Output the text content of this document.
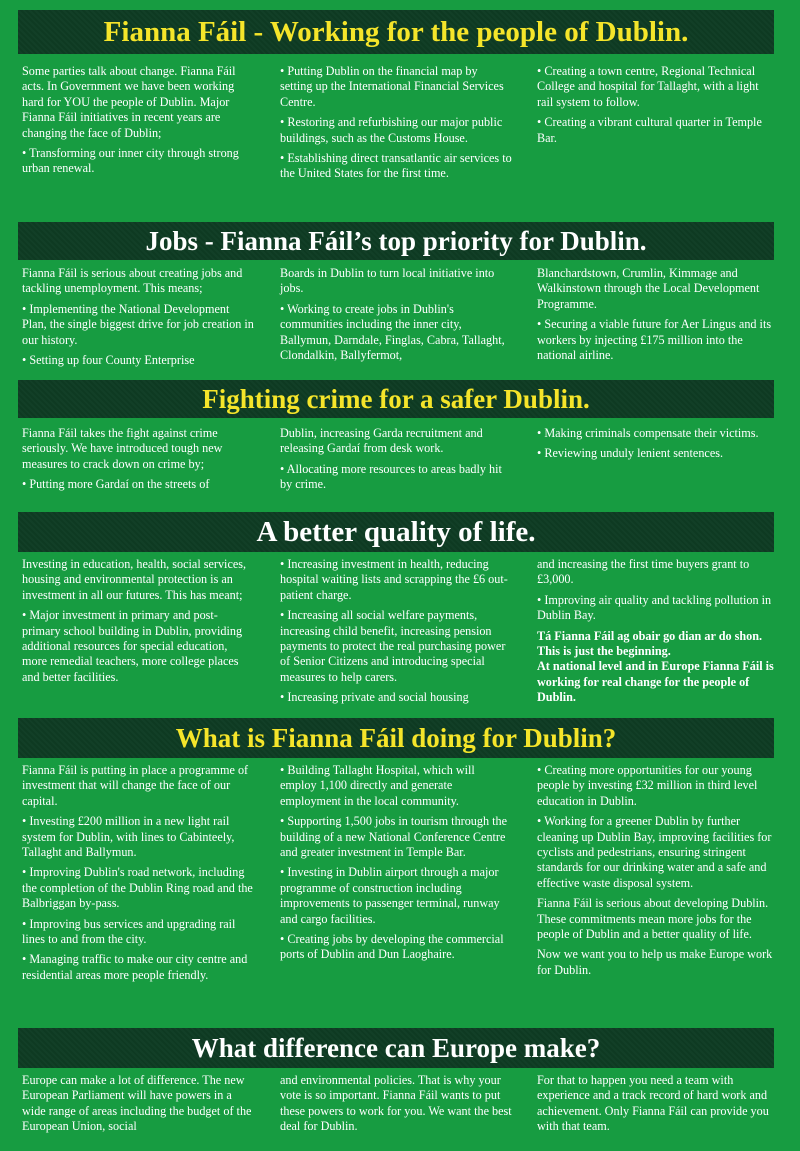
Fianna Fáil - Working for the people of Dublin.

Some parties talk about change. Fianna Fáil acts. In Government we have been working hard for YOU the people of Dublin. Major Fianna Fáil initiatives in recent years are changing the face of Dublin;

• Transforming our inner city through strong urban renewal.

• Putting Dublin on the financial map by setting up the International Financial Services Centre.

• Restoring and refurbishing our major public buildings, such as the Customs House.

• Establishing direct transatlantic air services to the United States for the first time.

• Creating a town centre, Regional Technical College and hospital for Tallaght, with a light rail system to follow.

• Creating a vibrant cultural quarter in Temple Bar.

Jobs - Fianna Fáil’s top priority for Dublin.

Fianna Fáil is serious about creating jobs and tackling unemployment. This means;

• Implementing the National Development Plan, the single biggest drive for job creation in our history.

• Setting up four County Enterprise

Boards in Dublin to turn local initiative into jobs.

• Working to create jobs in Dublin's communities including the inner city, Ballymun, Darndale, Finglas, Cabra, Tallaght, Clondalkin, Ballyfermot,

Blanchardstown, Crumlin, Kimmage and Walkinstown through the Local Development Programme.

• Securing a viable future for Aer Lingus and its workers by injecting £175 million into the national airline.

Fighting crime for a safer Dublin.

Fianna Fáil takes the fight against crime seriously. We have introduced tough new measures to crack down on crime by;

• Putting more Gardaí on the streets of

Dublin, increasing Garda recruitment and releasing Gardaí from desk work.

• Allocating more resources to areas badly hit by crime.

• Making criminals compensate their victims.

• Reviewing unduly lenient sentences.

A better quality of life.

Investing in education, health, social services, housing and environmental protection is an investment in all our futures. This has meant;

• Major investment in primary and post-primary school building in Dublin, providing additional resources for special education, more remedial teachers, more college places and better facilities.

• Increasing investment in health, reducing hospital waiting lists and scrapping the £6 out-patient charge.

• Increasing all social welfare payments, increasing child benefit, increasing pension payments to protect the real purchasing power of Senior Citizens and introducing special measures to help carers.

• Increasing private and social housing

and increasing the first time buyers grant to £3,000.

• Improving air quality and tackling pollution in Dublin Bay.

Tá Fianna Fáil ag obair go dian ar do shon. This is just the beginning.

At national level and in Europe Fianna Fáil is working for real change for the people of Dublin.

What is Fianna Fáil doing for Dublin?

Fianna Fáil is putting in place a programme of investment that will change the face of our capital.

• Investing £200 million in a new light rail system for Dublin, with lines to Cabinteely, Tallaght and Ballymun.

• Improving Dublin's road network, including the completion of the Dublin Ring road and the Balbriggan by-pass.

• Improving bus services and upgrading rail lines to and from the city.

• Managing traffic to make our city centre and residential areas more people friendly.

• Building Tallaght Hospital, which will employ 1,100 directly and generate employment in the local community.

• Supporting 1,500 jobs in tourism through the building of a new National Conference Centre and greater investment in Temple Bar.

• Investing in Dublin airport through a major programme of construction including improvements to passenger terminal, runway and cargo facilities.

• Creating jobs by developing the commercial ports of Dublin and Dun Laoghaire.

• Creating more opportunities for our young people by investing £32 million in third level education in Dublin.

• Working for a greener Dublin by further cleaning up Dublin Bay, improving facilities for cyclists and pedestrians, ensuring stringent standards for our drinking water and a safe and effective waste disposal system.

Fianna Fáil is serious about developing Dublin. These commitments mean more jobs for the people of Dublin and a better quality of life.

Now we want you to help us make Europe work for Dublin.

What difference can Europe make?

Europe can make a lot of difference. The new European Parliament will have powers in a wide range of areas including the budget of the European Union, social

and environmental policies. That is why your vote is so important. Fianna Fáil wants to put these powers to work for you. We want the best deal for Dublin.

For that to happen you need a team with experience and a track record of hard work and achievement. Only Fianna Fáil can provide you with that team.
